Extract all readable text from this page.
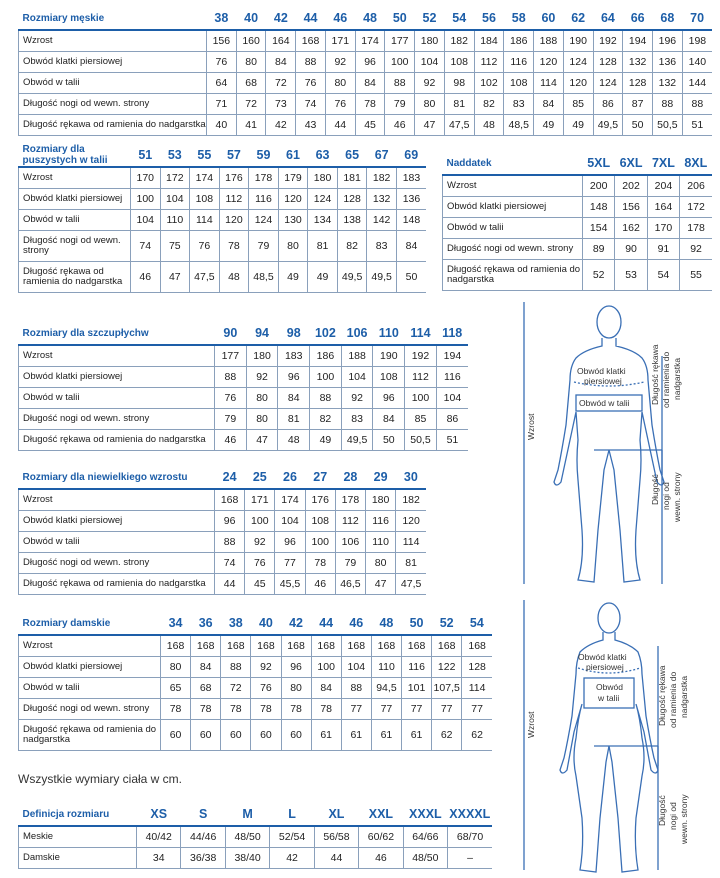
Rozmiary męskie	38	40	42	44	46	48	50	52	54	56	58	60	62	64	66	68	70
Wzrost	156	160	164	168	171	174	177	180	182	184	186	188	190	192	194	196	198
Obwód klatki piersiowej	76	80	84	88	92	96	100	104	108	112	116	120	124	128	132	136	140
Obwód w talii	64	68	72	76	80	84	88	92	98	102	108	114	120	124	128	132	144
Długość nogi od wewn. strony	71	72	73	74	76	78	79	80	81	82	83	84	85	86	87	88	88
Długość rękawa od ramienia do nadgarstka	40	41	42	43	44	45	46	47	47,5	48	48,5	49	49	49,5	50	50,5	51
Rozmiary dla puszystych w talii	51	53	55	57	59	61	63	65	67	69
Wzrost	170	172	174	176	178	179	180	181	182	183
Obwód klatki piersiowej	100	104	108	112	116	120	124	128	132	136
Obwód w talii	104	110	114	120	124	130	134	138	142	148
Długość nogi od wewn. strony	74	75	76	78	79	80	81	82	83	84
Długość rękawa od ramienia do nadgarstka	46	47	47,5	48	48,5	49	49	49,5	49,5	50
Naddatek	5XL	6XL	7XL	8XL
Wzrost	200	202	204	206
Obwód klatki piersiowej	148	156	164	172
Obwód w talii	154	162	170	178
Długość nogi od wewn. strony	89	90	91	92
Długość rękawa od ramienia do nadgarstka	52	53	54	55
Rozmiary dla szczupłychw	90	94	98	102	106	110	114	118
Wzrost	177	180	183	186	188	190	192	194
Obwód klatki piersiowej	88	92	96	100	104	108	112	116
Obwód w talii	76	80	84	88	92	96	100	104
Długość nogi od wewn. strony	79	80	81	82	83	84	85	86
Długość rękawa od ramienia do nadgarstka	46	47	48	49	49,5	50	50,5	51
Rozmiary dla niewielkiego wzrostu	24	25	26	27	28	29	30
Wzrost	168	171	174	176	178	180	182
Obwód klatki piersiowej	96	100	104	108	112	116	120
Obwód w talii	88	92	96	100	106	110	114
Długość nogi od wewn. strony	74	76	77	78	79	80	81
Długość rękawa od ramienia do nadgarstka	44	45	45,5	46	46,5	47	47,5
Rozmiary damskie	34	36	38	40	42	44	46	48	50	52	54
Wzrost	168	168	168	168	168	168	168	168	168	168	168
Obwód klatki piersiowej	80	84	88	92	96	100	104	110	116	122	128
Obwód w talii	65	68	72	76	80	84	88	94,5	101	107,5	114
Długość nogi od wewn. strony	78	78	78	78	78	78	77	77	77	77	77
Długość rękawa od ramienia do nadgarstka	60	60	60	60	60	61	61	61	61	62	62
Wszystkie wymiary ciała w cm.
Definicja rozmiaru	XS	S	M	L	XL	XXL	XXXL	XXXXL
Meskie	40/42	44/46	48/50	52/54	56/58	60/62	64/66	68/70
Damskie	34	36/38	38/40	42	44	46	48/50	–
Obwód klatki
piersiowej
Obwód w talii
Wzrost
Długość rękawa od ramienia do nadgarstka
Długość nogi od wewn. strony
Obwód klatki
piersiowej
Obwód
w talii
Wzrost	Długość rękawa od ramienia do nadgarstka
Długość nogi od wewn. strony
